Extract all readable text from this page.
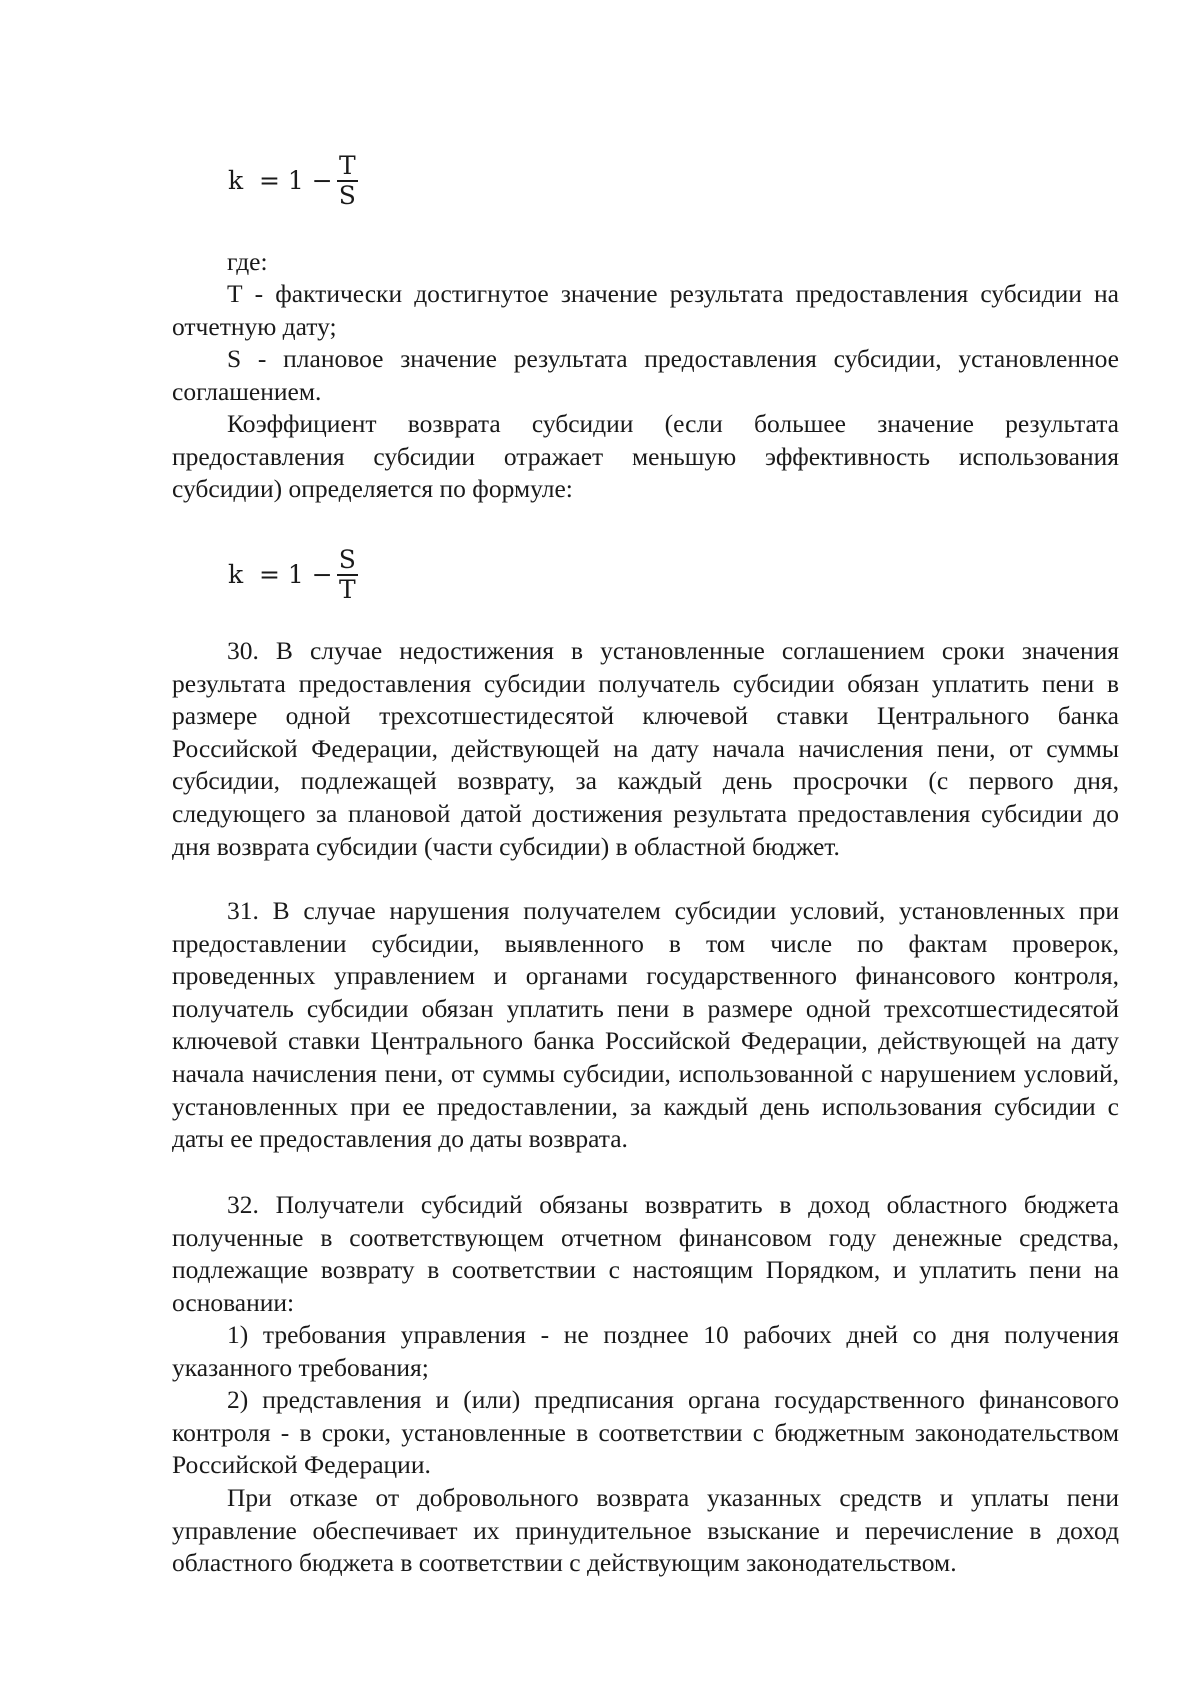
$k = 1 - \frac{T}{S}$

где:

Т - фактически достигнутое значение результата предоставления субсидии на отчетную дату;

S - плановое значение результата предоставления субсидии, установленное соглашением.

Коэффициент возврата субсидии (если большее значение результата предоставления субсидии отражает меньшую эффективность использования субсидии) определяется по формуле:

$k = 1 - \frac{S}{T}$

30. В случае недостижения в установленные соглашением сроки значения результата предоставления субсидии получатель субсидии обязан уплатить пени в размере одной трехсотшестидесятой ключевой ставки Центрального банка Российской Федерации, действующей на дату начала начисления пени, от суммы субсидии, подлежащей возврату, за каждый день просрочки (с первого дня, следующего за плановой датой достижения результата предоставления субсидии до дня возврата субсидии (части субсидии) в областной бюджет.

31. В случае нарушения получателем субсидии условий, установленных при предоставлении субсидии, выявленного в том числе по фактам проверок, проведенных управлением и органами государственного финансового контроля, получатель субсидии обязан уплатить пени в размере одной трехсотшестидесятой ключевой ставки Центрального банка Российской Федерации, действующей на дату начала начисления пени, от суммы субсидии, использованной с нарушением условий, установленных при ее предоставлении, за каждый день использования субсидии с даты ее предоставления до даты возврата.

32. Получатели субсидий обязаны возвратить в доход областного бюджета полученные в соответствующем отчетном финансовом году денежные средства, подлежащие возврату в соответствии с настоящим Порядком, и уплатить пени на основании:

1) требования управления - не позднее 10 рабочих дней со дня получения указанного требования;

2) представления и (или) предписания органа государственного финансового контроля - в сроки, установленные в соответствии с бюджетным законодательством Российской Федерации.

При отказе от добровольного возврата указанных средств и уплаты пени управление обеспечивает их принудительное взыскание и перечисление в доход областного бюджета в соответствии с действующим законодательством.
